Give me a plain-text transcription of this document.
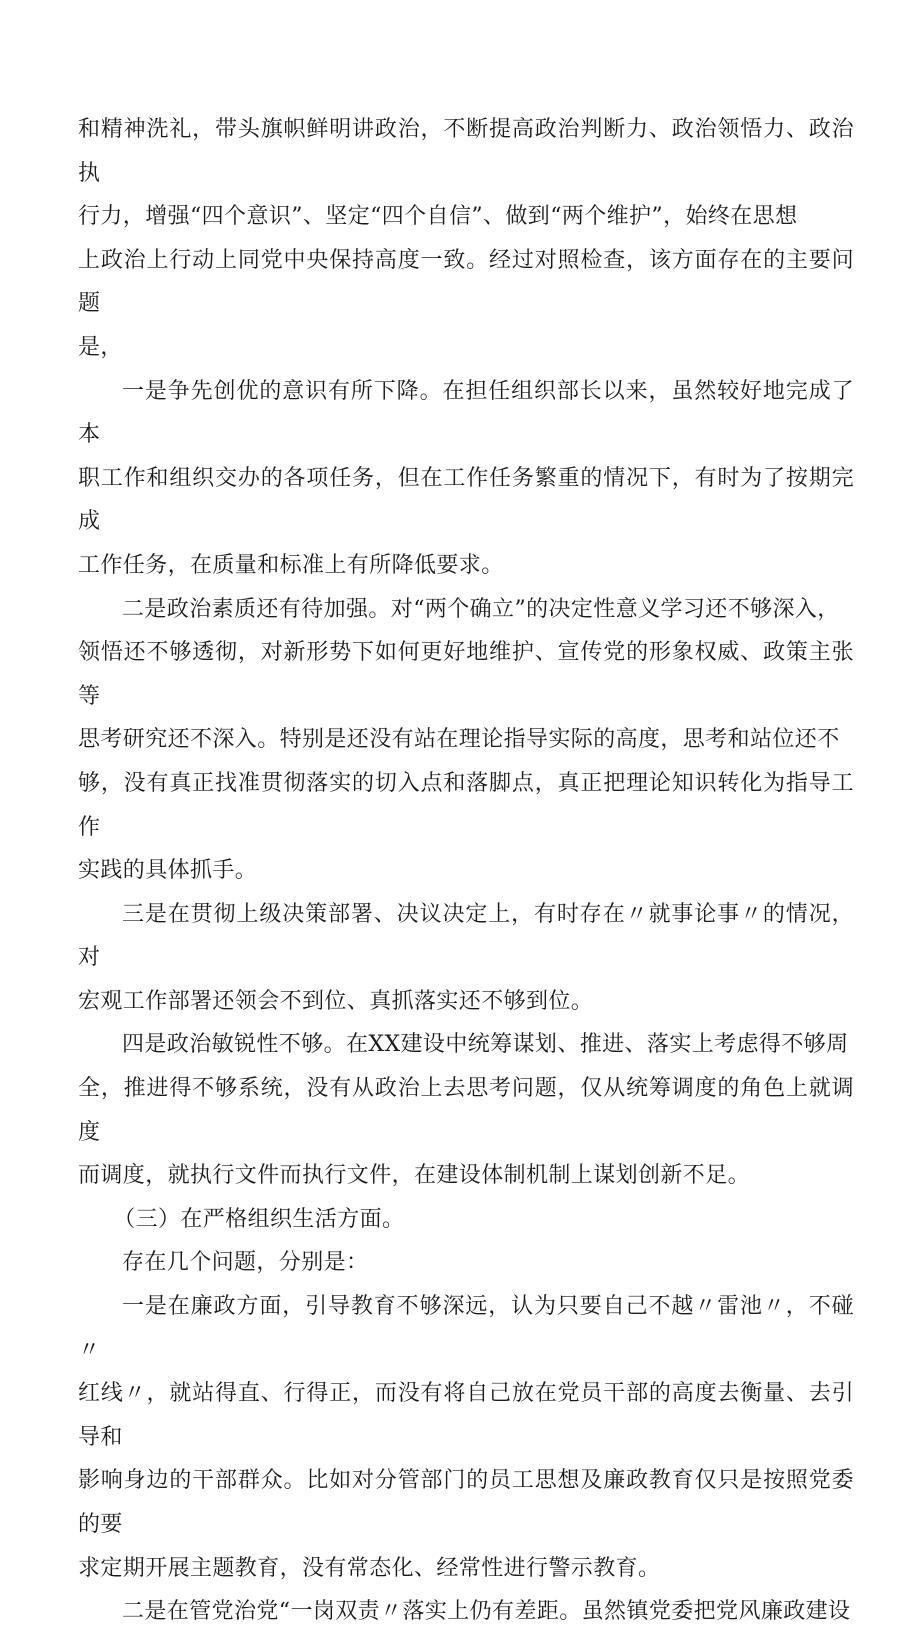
和精神洗礼，带头旗帜鲜明讲政治，不断提高政治判断力、政治领悟力、政治执
行力，增强“四个意识”、坚定“四个自信”、做到“两个维护”，始终在思想
上政治上行动上同党中央保持高度一致。经过对照检查，该方面存在的主要问题
是，

一是争先创优的意识有所下降。在担任组织部长以来，虽然较好地完成了本
职工作和组织交办的各项任务，但在工作任务繁重的情况下，有时为了按期完成
工作任务，在质量和标准上有所降低要求。

二是政治素质还有待加强。对“两个确立”的决定性意义学习还不够深入，
领悟还不够透彻，对新形势下如何更好地维护、宣传党的形象权威、政策主张等
思考研究还不深入。特别是还没有站在理论指导实际的高度，思考和站位还不
够，没有真正找准贯彻落实的切入点和落脚点，真正把理论知识转化为指导工作
实践的具体抓手。

三是在贯彻上级决策部署、决议决定上，有时存在〃就事论事〃的情况，对
宏观工作部署还领会不到位、真抓落实还不够到位。

四是政治敏锐性不够。在XX建设中统筹谋划、推进、落实上考虑得不够周
全，推进得不够系统，没有从政治上去思考问题，仅从统筹调度的角色上就调度
而调度，就执行文件而执行文件，在建设体制机制上谋划创新不足。

（三）在严格组织生活方面。

存在几个问题，分别是：

一是在廉政方面，引导教育不够深远，认为只要自己不越〃雷池〃，不碰〃
红线〃，就站得直、行得正，而没有将自己放在党员干部的高度去衡量、去引导和
影响身边的干部群众。比如对分管部门的员工思想及廉政教育仅只是按照党委的要
求定期开展主题教育，没有常态化、经常性进行警示教育。

二是在管党治党“一岗双责〃落实上仍有差距。虽然镇党委把党风廉政建设
